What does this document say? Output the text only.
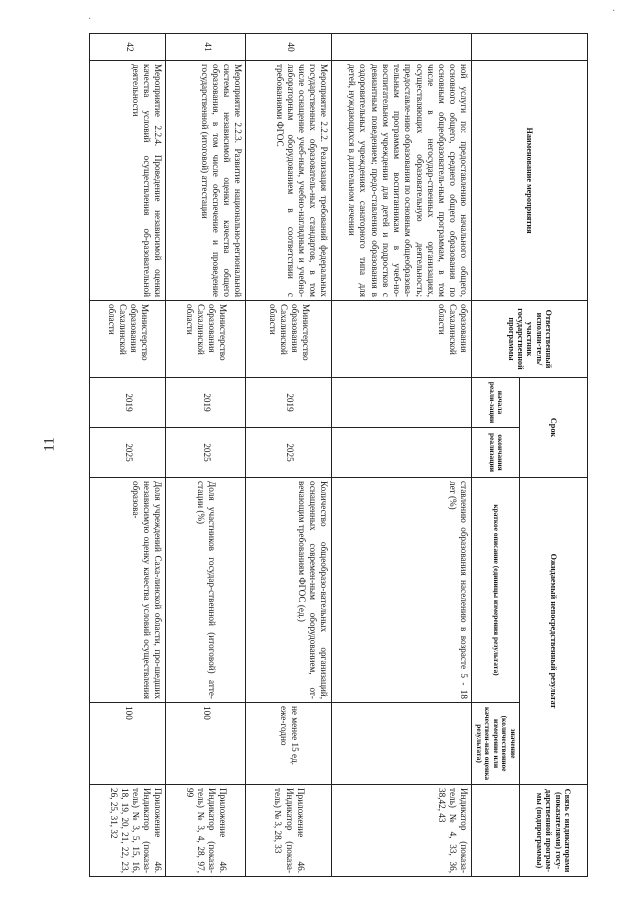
11
·
·
	Наименование мероприятия	Ответственный исполни-тель/участник государственной программы	Срок		Ожидаемый непосредственный результат		Связь с индикаторами (показателями) госу-дарственной програм-мы (подпрограммы)
			начала реали-зации	окончания реализации	краткое описание (единицы измерения результата)	значение (количественное измерение или качествен-ная оценка результата)	
	ной услуги по: предоставлению начального общего, основного общего, среднего общего образования по основным общеобразователь-ным программам, в том числе в негосудар-ственных организациях, осуществляющих образовательную деятельность; предоставле-нию образования по основным общеобразова-тельным программам воспитанникам в учеб-но-воспитательном учреждении для детей и подростков с девиантным поведением; предо-ставлению образования в оздоровительных учреждениях санаторного типа для детей, нуждающихся в длительном лечении	образования Сахалинской области			ставлению образования населению в возрасте 5 - 18 лет (%)		Индикатор (показа-тель) № 4, 33, 36, 38,42, 43
40	Мероприятие 2.2.2. Реализация требований федеральных государственных образователь-ных стандартов, в том числе оснащение учеб-ным, учебно-наглядным и учебно-лабораторным оборудованием в соответствии с требованиями ФГОС	Министерство образования Сахалинской области	2019	2025	Количество общеобразо-вательных организаций, оснащенных современ-ным оборудованием, от-вечающим требованиям ФГОС (ед.)	не менее 15 ед. еже-годно	Приложение 46. Индикатор (показа-тель) № 3, 28, 33
41	Мероприятие 2.2.3. Развитие национально-региональной системы независимой оценки качества общего образования, в том числе обеспечение и проведение государственной (итоговой) аттестации	Министерство образования Сахалинской области	2019	2025	Доля участников государ-ственной (итоговой) атте-стации (%)	100	Приложение 46. Индикатор (показа-тель) № 3, 4, 28, 97, 99
42	Мероприятие 2.2.4. Проведение независимой оценки качества условий осуществления об-разовательной деятельности	Министерство образования Сахалинской области	2019	2025	Доля учреждений Саха-линской области, про-шедших независимую оценку качества условий осуществления образова-	100	Приложение 46. Индикатор (показа-тель) № 3, 5, 15, 16, 18, 19, 20, 21, 22, 23, 26, 25, 31, 32
